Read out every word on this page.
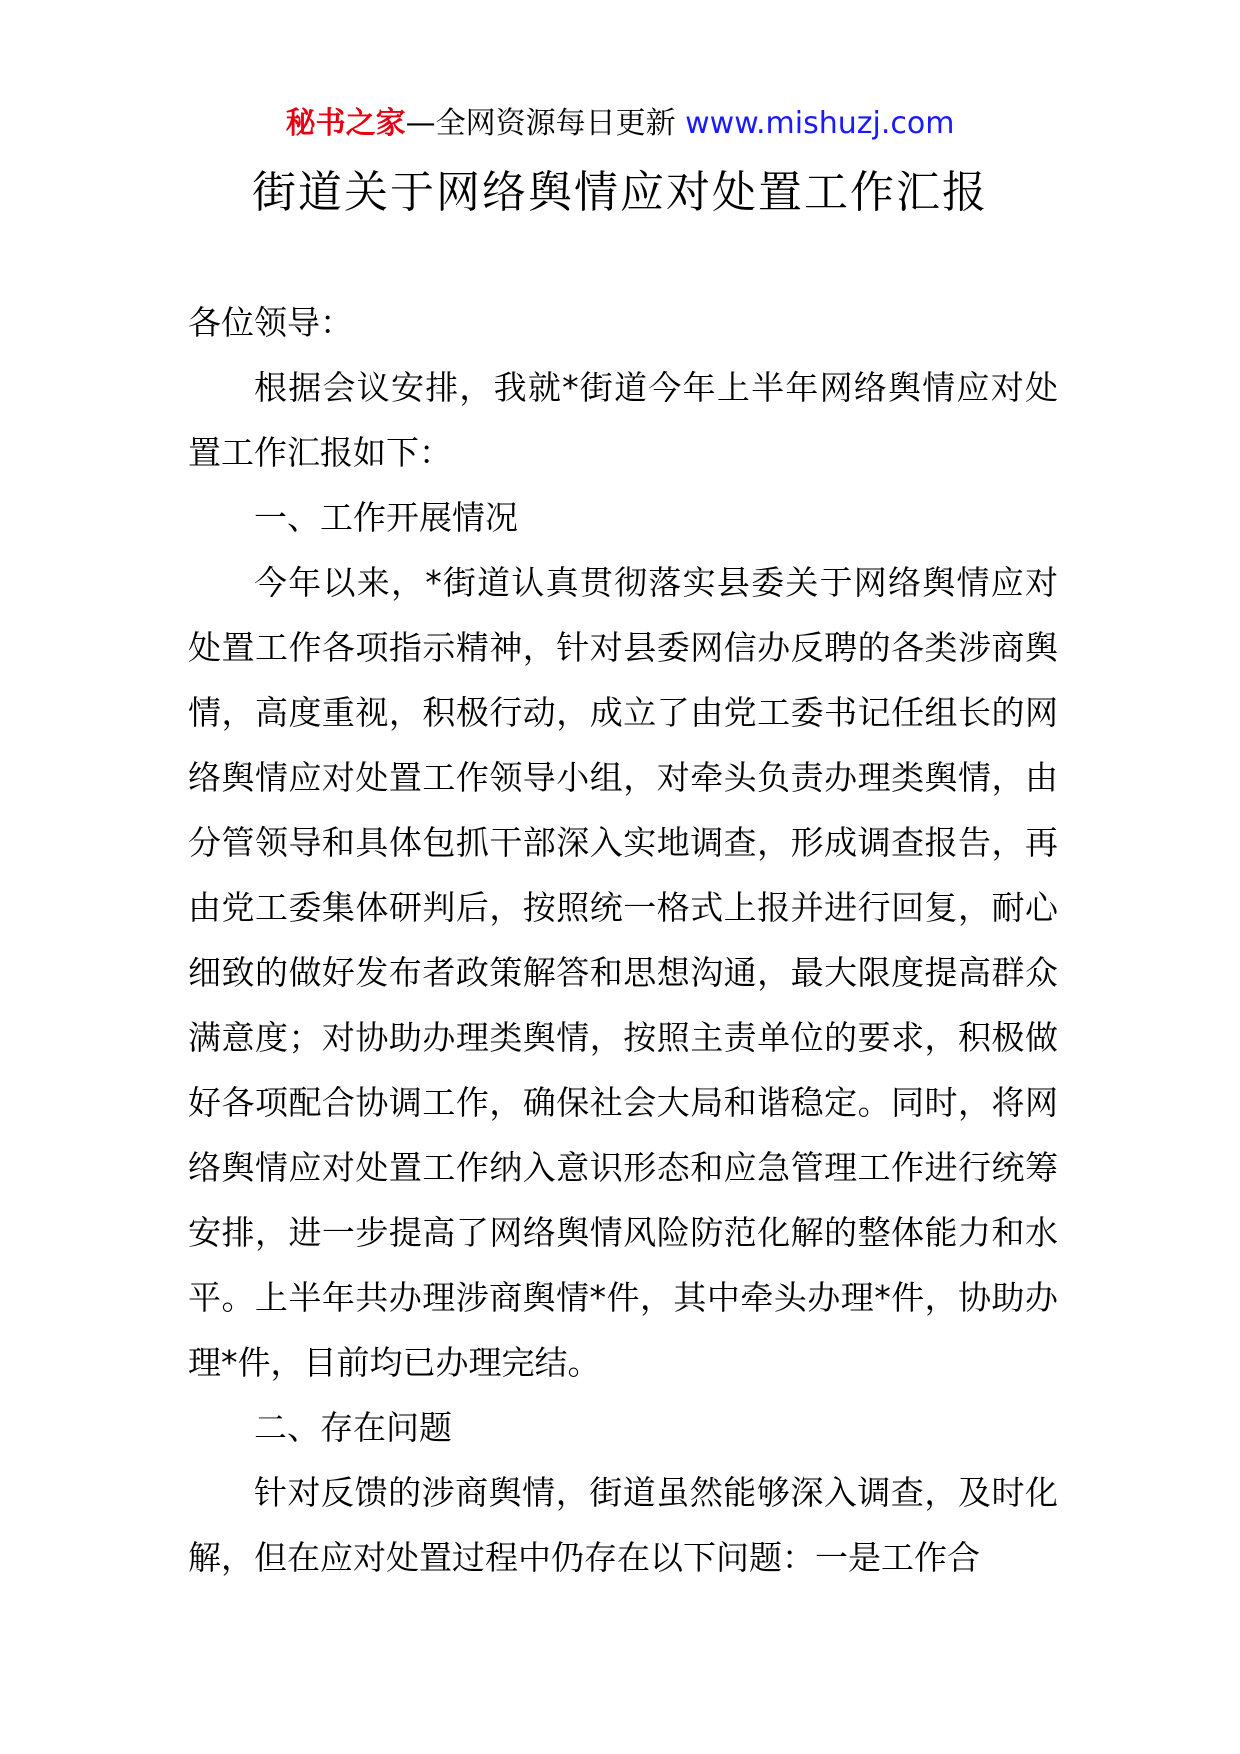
秘书之家—全网资源每日更新 www.mishuzj.com
街道关于网络舆情应对处置工作汇报

各位领导：

根据会议安排，我就*街道今年上半年网络舆情应对处置工作汇报如下：

一、工作开展情况

今年以来，*街道认真贯彻落实县委关于网络舆情应对处置工作各项指示精神，针对县委网信办反聘的各类涉商舆情，高度重视，积极行动，成立了由党工委书记任组长的网络舆情应对处置工作领导小组，对牵头负责办理类舆情，由分管领导和具体包抓干部深入实地调查，形成调查报告，再由党工委集体研判后，按照统一格式上报并进行回复，耐心细致的做好发布者政策解答和思想沟通，最大限度提高群众满意度；对协助办理类舆情，按照主责单位的要求，积极做好各项配合协调工作，确保社会大局和谐稳定。同时，将网络舆情应对处置工作纳入意识形态和应急管理工作进行统筹安排，进一步提高了网络舆情风险防范化解的整体能力和水平。上半年共办理涉商舆情*件，其中牵头办理*件，协助办理*件，目前均已办理完结。

二、存在问题

针对反馈的涉商舆情，街道虽然能够深入调查，及时化解，但在应对处置过程中仍存在以下问题：一是工作合
